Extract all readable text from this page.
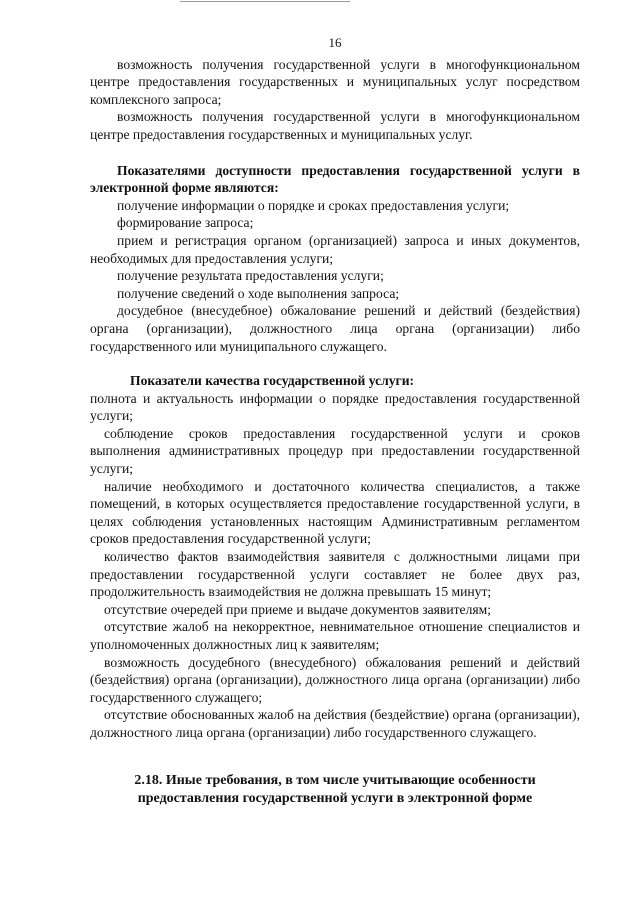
16

возможность получения государственной услуги в многофункциональном центре предоставления государственных и муниципальных услуг посредством комплексного запроса;

возможность получения государственной услуги в многофункциональном центре предоставления государственных и муниципальных услуг.

Показателями доступности предоставления государственной услуги в электронной форме являются:

получение информации о порядке и сроках предоставления услуги;

формирование запроса;

прием и регистрация органом (организацией) запроса и иных документов, необходимых для предоставления услуги;

получение результата предоставления услуги;

получение сведений о ходе выполнения запроса;

досудебное (внесудебное) обжалование решений и действий (бездействия) органа (организации), должностного лица органа (организации) либо государственного или муниципального служащего.

Показатели качества государственной услуги:

полнота и актуальность информации о порядке предоставления государственной услуги;

соблюдение сроков предоставления государственной услуги и сроков выполнения административных процедур при предоставлении государственной услуги;

наличие необходимого и достаточного количества специалистов, а также помещений, в которых осуществляется предоставление государственной услуги, в целях соблюдения установленных настоящим Административным регламентом сроков предоставления государственной услуги;

количество фактов взаимодействия заявителя с должностными лицами при предоставлении государственной услуги составляет не более двух раз, продолжительность взаимодействия не должна превышать 15 минут;

отсутствие очередей при приеме и выдаче документов заявителям;

отсутствие жалоб на некорректное, невнимательное отношение специалистов и уполномоченных должностных лиц к заявителям;

возможность досудебного (внесудебного) обжалования решений и действий (бездействия) органа (организации), должностного лица органа (организации) либо государственного служащего;

отсутствие обоснованных жалоб на действия (бездействие) органа (организации), должностного лица органа (организации) либо государственного служащего.

2.18. Иные требования, в том числе учитывающие особенности
предоставления государственной услуги в электронной форме
